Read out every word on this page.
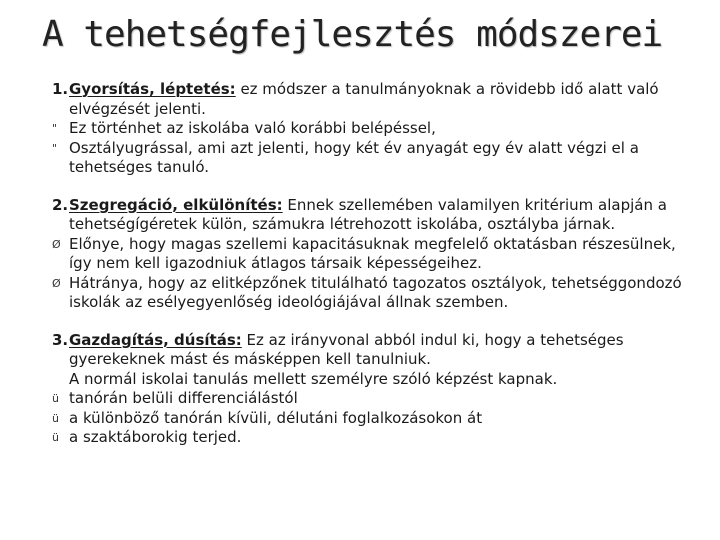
A tehetségfejlesztés módszerei
1.Gyorsítás, léptetés: ez módszer a tanulmányoknak a rövidebb idő alatt való elvégzését jelenti.
" Ez történhet az iskolába való korábbi belépéssel,
" Osztályugrással, ami azt jelenti, hogy két év anyagát egy év alatt végzi el a tehetséges tanuló.
2.Szegregáció, elkülönítés: Ennek szellemében valamilyen kritérium alapján a tehetségígéretek külön, számukra létrehozott iskolába, osztályba járnak.
Ø Előnye, hogy magas szellemi kapacitásuknak megfelelő oktatásban részesülnek, így nem kell igazodniuk átlagos társaik képességeihez.
Ø Hátránya, hogy az elitképzőnek titulálható tagozatos osztályok, tehetséggondozó iskolák az esélyegyenlőség ideológiájával állnak szemben.
3.Gazdagítás, dúsítás: Ez az irányvonal abból indul ki, hogy a tehetséges gyerekeknek mást és másképpen kell tanulniuk.
A normál iskolai tanulás mellett személyre szóló képzést kapnak.
ü tanórán belüli differenciálástól
ü a különböző tanórán kívüli, délutáni foglalkozásokon át
ü a szaktáborokig terjed.
